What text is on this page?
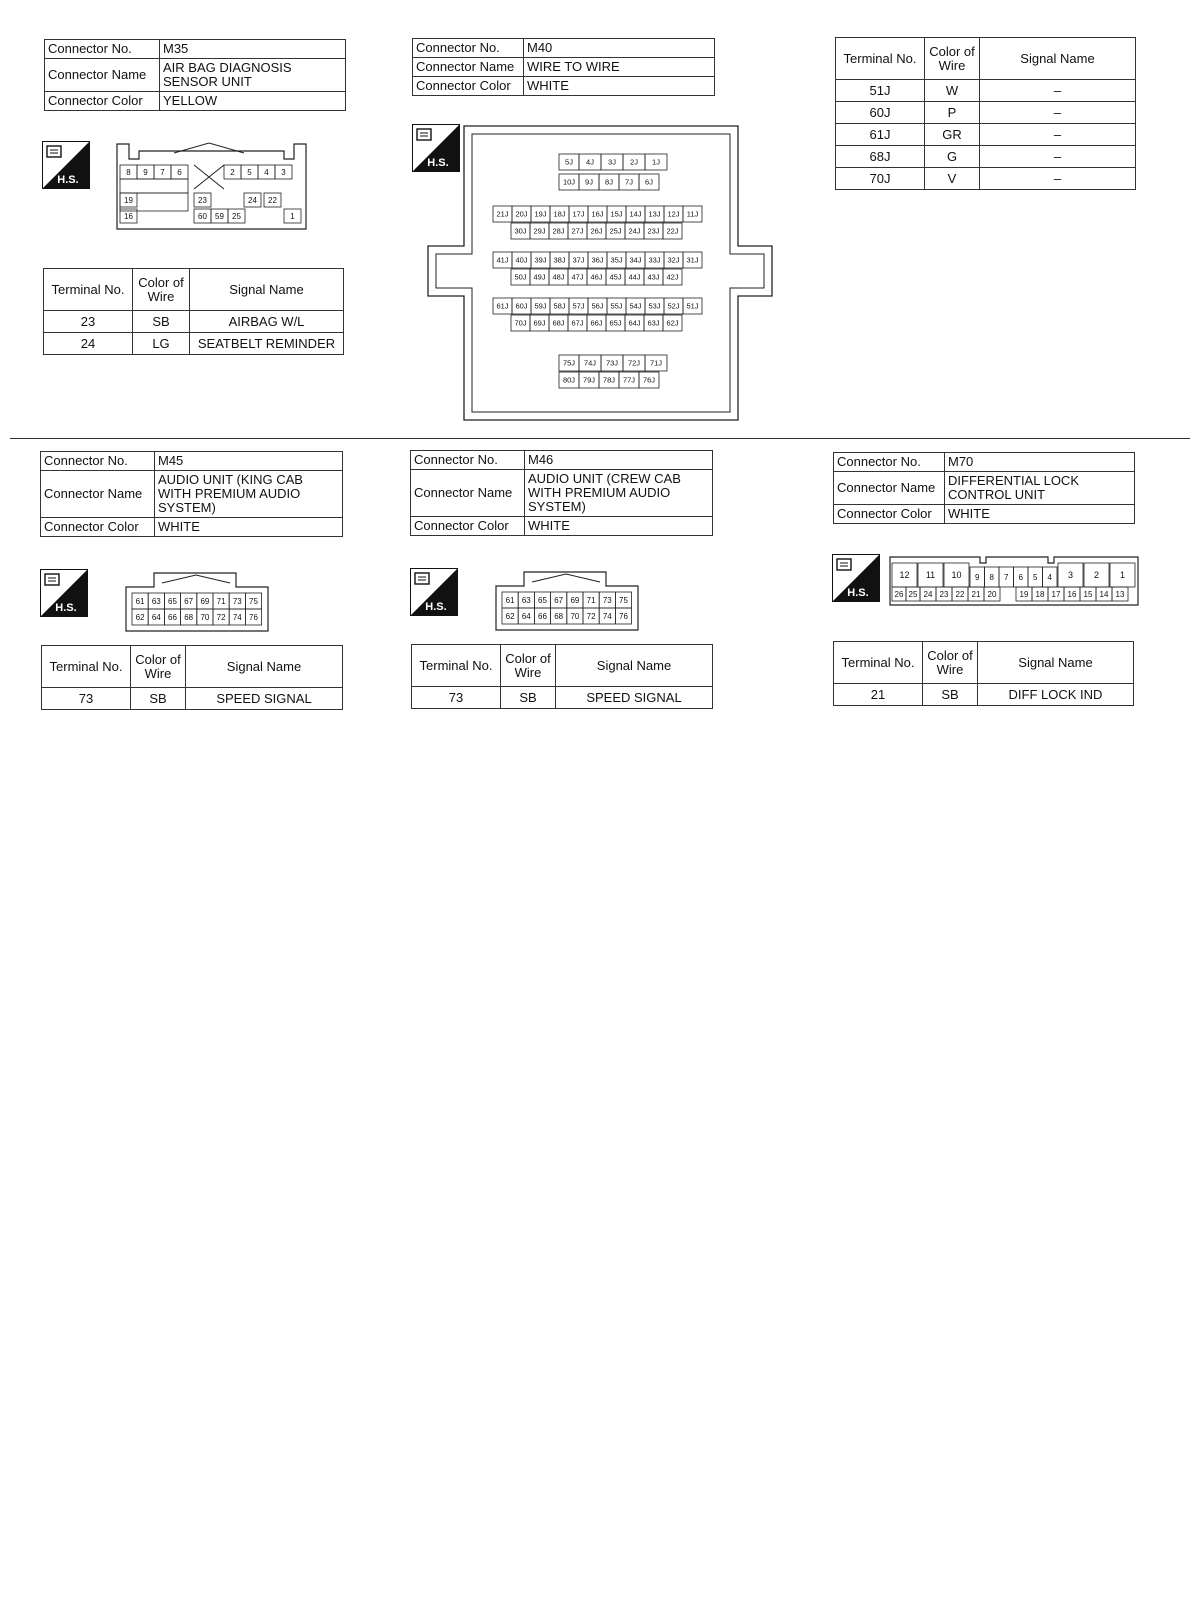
Connector No.	M35
Connector Name	AIR BAG DIAGNOSIS SENSOR UNIT
Connector Color	YELLOW
H.S.
8 9 7 6	2 5 4 3
19	23	24 22
16	60 59 25	1
Terminal No.	Color of Wire	Signal Name
23	SB	AIRBAG W/L
24	LG	SEATBELT REMINDER
Connector No.	M40
Connector Name	WIRE TO WIRE
Connector Color	WHITE
H.S.	5J 4J 3J 2J 1J
10J 9J 8J 7J 6J
21J 20J 19J 18J 17J 16J 15J 14J 13J 12J 11J
30J 29J 28J 27J 26J 25J 24J 23J 22J
41J 40J 39J 38J 37J 36J 35J 34J 33J 32J 31J
50J 49J 48J 47J 46J 45J 44J 43J 42J
61J 60J 59J 58J 57J 56J 55J 54J 53J 52J 51J
70J 69J 68J 67J 66J 65J 64J 63J 62J
75J 74J 73J 72J 71J
80J 79J 78J 77J 76J
Terminal No.	Color of Wire	Signal Name
51J	W	–
60J	P	–
61J	GR	–
68J	G	–
70J	V	–
Connector No.	M45
Connector Name	AUDIO UNIT (KING CAB WITH PREMIUM AUDIO SYSTEM)
Connector Color	WHITE
H.S.
61 63 65 67 69 71 73 75
62 64 66 68 70 72 74 76
Terminal No.	Color of Wire	Signal Name
73	SB	SPEED SIGNAL
Connector No.	M46
Connector Name	AUDIO UNIT (CREW CAB WITH PREMIUM AUDIO SYSTEM)
Connector Color	WHITE
H.S.
61 63 65 67 69 71 73 75
62 64 66 68 70 72 74 76
Terminal No.	Color of Wire	Signal Name
73	SB	SPEED SIGNAL
Connector No.	M70
Connector Name	DIFFERENTIAL LOCK CONTROL UNIT
Connector Color	WHITE
H.S.
12 11 10	3 2 1
9 8 7 6 5 4
26 25 24 23 22 21 20	19 18 17 16 15 14 13
Terminal No.	Color of Wire	Signal Name
21	SB	DIFF LOCK IND
